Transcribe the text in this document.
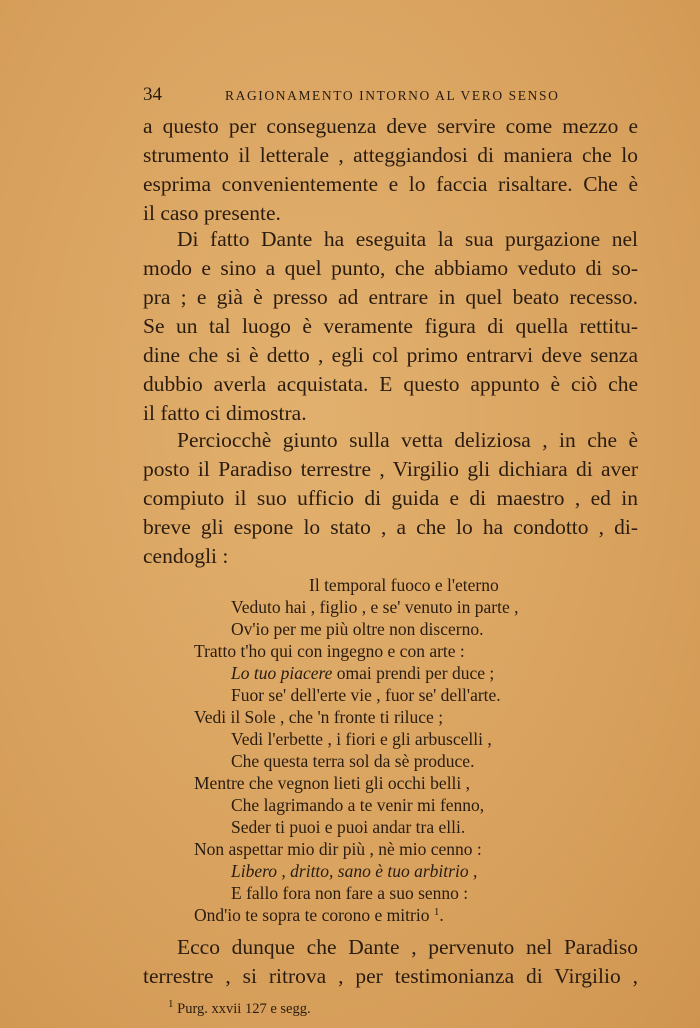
34	RAGIONAMENTO INTORNO AL VERO SENSO
a questo per conseguenza deve servire come mezzo e
strumento il letterale , atteggiandosi di maniera che lo
esprima convenientemente e lo faccia risaltare. Che è
il caso presente.
Di fatto Dante ha eseguita la sua purgazione nel
modo e sino a quel punto, che abbiamo veduto di so-
pra ; e già è presso ad entrare in quel beato recesso.
Se un tal luogo è veramente figura di quella rettitu-
dine che si è detto , egli col primo entrarvi deve senza
dubbio averla acquistata. E questo appunto è ciò che
il fatto ci dimostra.
Perciocchè giunto sulla vetta deliziosa , in che è
posto il Paradiso terrestre , Virgilio gli dichiara di aver
compiuto il suo ufficio di guida e di maestro , ed in
breve gli espone lo stato , a che lo ha condotto , di-
cendogli :
Il temporal fuoco e l'eterno
Veduto hai , figlio , e se' venuto in parte ,
Ov'io per me più oltre non discerno.
Tratto t'ho qui con ingegno e con arte :
Lo tuo piacere omai prendi per duce ;
Fuor se' dell'erte vie , fuor se' dell'arte.
Vedi il Sole , che 'n fronte ti riluce ;
Vedi l'erbette , i fiori e gli arbuscelli ,
Che questa terra sol da sè produce.
Mentre che vegnon lieti gli occhi belli ,
Che lagrimando a te venir mi fenno,
Seder ti puoi e puoi andar tra elli.
Non aspettar mio dir più , nè mio cenno :
Libero , dritto, sano è tuo arbitrio ,
E fallo fora non fare a suo senno :
Ond'io te sopra te corono e mitrio $^1$.
Ecco dunque che Dante , pervenuto nel Paradiso
terrestre , si ritrova , per testimonianza di Virgilio ,
$^1$ Purg. xxvii 127 e segg.
